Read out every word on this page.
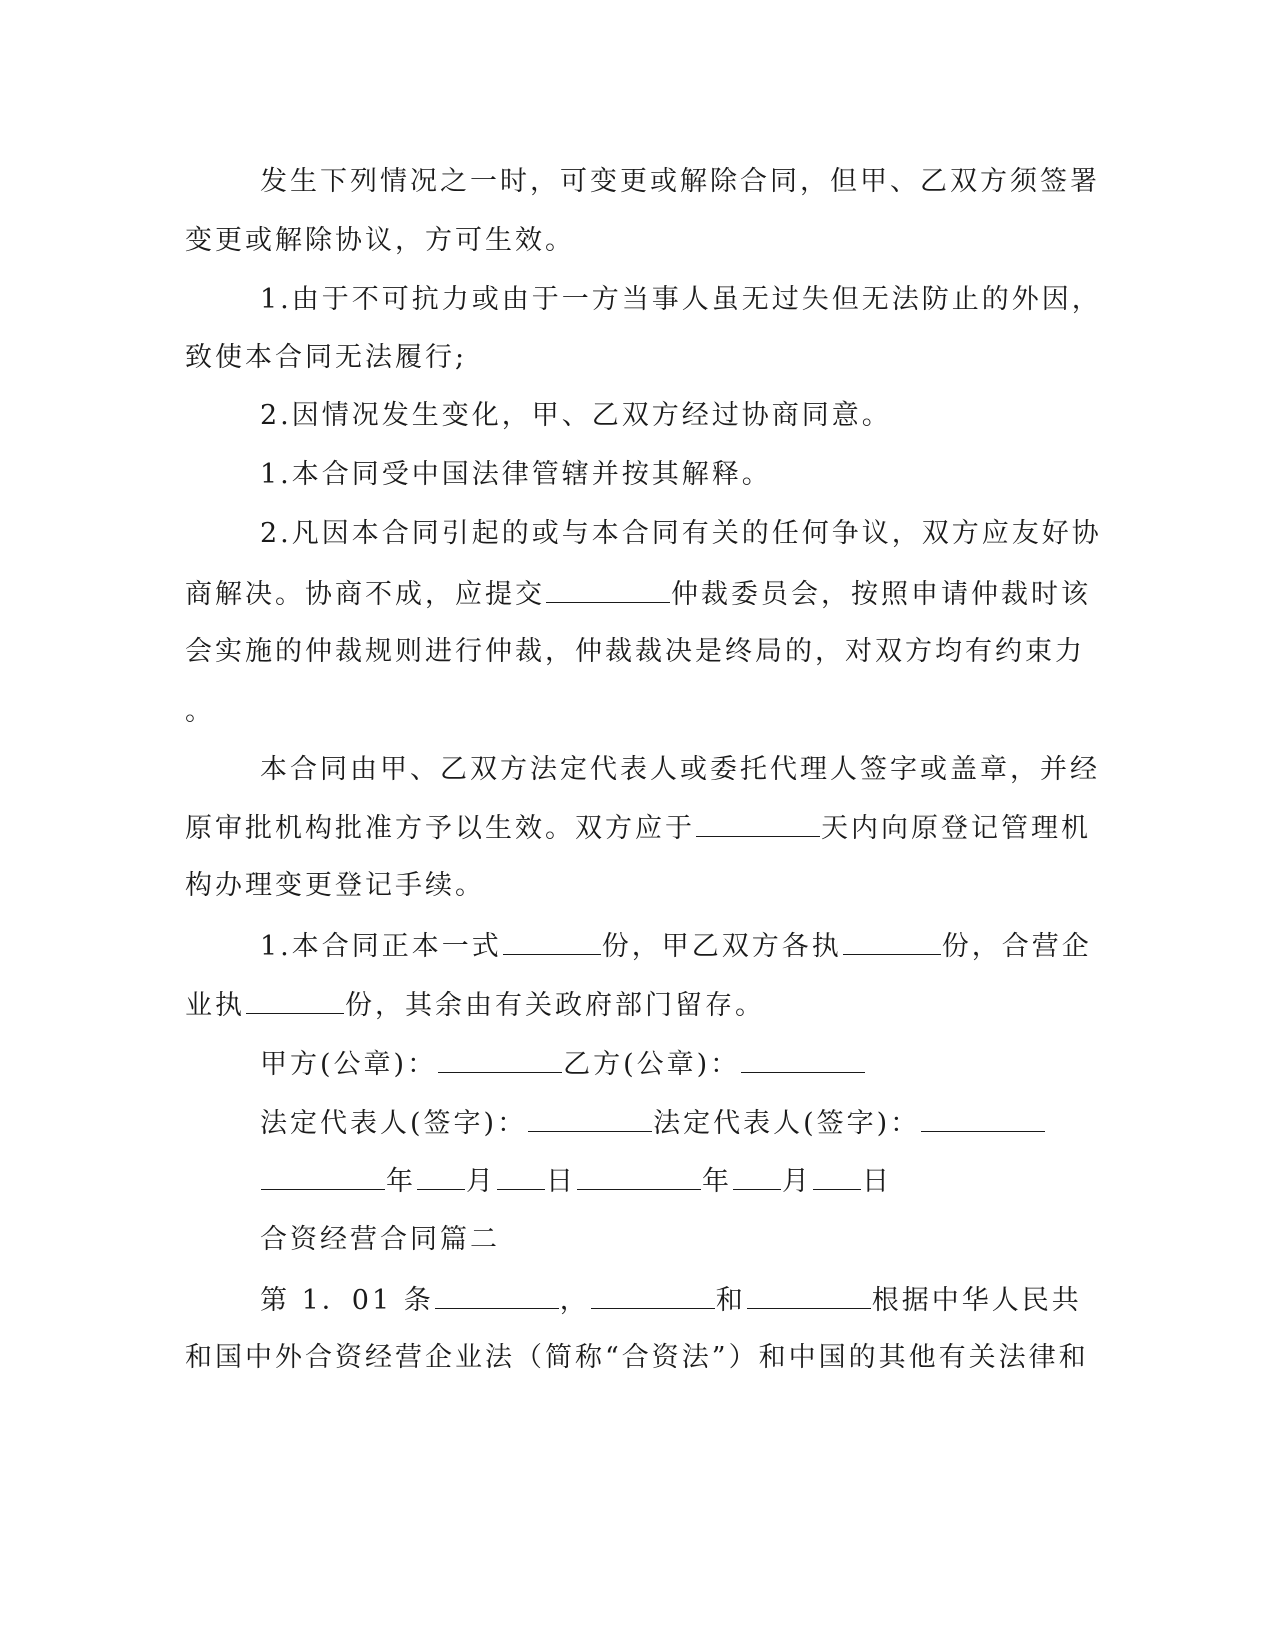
发生下列情况之一时，可变更或解除合同，但甲、乙双方须签署
变更或解除协议，方可生效。
1.由于不可抗力或由于一方当事人虽无过失但无法防止的外因，
致使本合同无法履行;
2.因情况发生变化，甲、乙双方经过协商同意。
1.本合同受中国法律管辖并按其解释。
2.凡因本合同引起的或与本合同有关的任何争议，双方应友好协
商解决。协商不成，应提交	仲裁委员会，按照申请仲裁时该
会实施的仲裁规则进行仲裁，仲裁裁决是终局的，对双方均有约束力
。
本合同由甲、乙双方法定代表人或委托代理人签字或盖章，并经
原审批机构批准方予以生效。双方应于	天内向原登记管理机
构办理变更登记手续。
1.本合同正本一式	份，甲乙双方各执	份，合营企
业执	份，其余由有关政府部门留存。
甲方(公章)：	乙方(公章)：
法定代表人(签字)：	法定代表人(签字)：
年 月 日	年 月 日
合资经营合同篇二
第 1．01 条	，	和	根据中华人民共
和国中外合资经营企业法（简称“合资法”）和中国的其他有关法律和
